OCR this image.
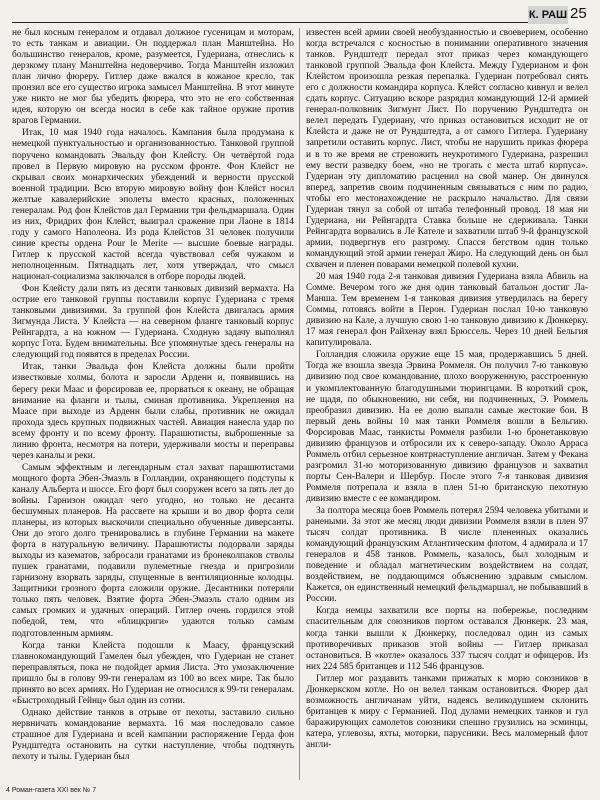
К. РАШ 25

не был косным генералом и отдавал должное гусеницам и моторам, то есть танкам и авиации. Он поддержал план Манштейна. Но большинство генералов, кроме, разумеется, Гудериана, отнеслись к дерзкому плану Манштейна недоверчиво. Тогда Манштейн изложил план лично фюреру. Гитлер даже вжался в кожаное кресло, так пронзил все его существо игрока замысел Манштейна. В этот минуте уже никто не мог бы убедить фюрера, что это не его собственная идея, которую он всегда носил в себе как тайное оружие против врагов Германии.

Итак, 10 мая 1940 года началось. Кампания была продумана к немецкой пунктуальностью и организованностью. Танковой группой поручено командовать Эвальду фон Клейсту. Он четвёртой года провел в Первую мировую на русском фронте. Фон Клейст не скрывал своих монархических убеждений и верности прусской военной традиции. Всю вторую мировую войну фон Клейст носил желтые кавалерийские эполеты вместо красных, положенных генералам. Род фон Клейстов дал Германии три фельдмаршала. Один из них, Фридрих фон Клейст, выиграл сражение при Лаоне в 1814 году у самого Наполеона. Из рода Клейстов 31 человек получили синие кресты ордена Pour le Merite — высшие боевые награды. Гитлер к прусской кастой всегда чувствовал себя чужаком и неполноценным. Пятнадцать лет, хотя утверждал, что смысл национал-социализма заключался в отборе породы людей.

Фон Клейсту дали пять из десяти танковых дивизий вермахта. На острие его танковой группы поставили корпус Гудериана с тремя танковыми дивизиями. За группой фон Клейста двигалась армия Зигмунда Листа. У Клейста — на северном фланге танковый корпус Рейнгардта, а на южном — Гудериана. Сходную задачу выполнял корпус Гота. Будем внимательны. Все упомянутые здесь генералы на следующий год появятся в пределах России.

Итак, танки Эвальда фон Клейста должны были пройти известковые холмы, болота и заросли Арденн и, появившись на берегу реки Маас и форсировав ее, прорваться к океану, не обращая внимание на фланги и тылы, сминая противника. Укрепления на Маасе при выходе из Арденн были слабы, противник не ожидал прохода здесь крупных подвижных частей. Авиация нанесла удар по всему фронту и по всему фронту. Парашютисты, выброшенные за линию фронта, несмотря на потери, удерживали мосты и переправы через каналы и реки.

Самым эффектным и легендарным стал захват парашютистами мощного форта Эбен-Эмаэль в Голландии, охраняющего подступы к каналу Альберта и шоссе. Его форт был сооружен всего за пять лет до войны. Гарнизон ожидал чего угодно, но только не десанта бесшумных планеров. На рассвете на крыши и во двор форта сели планеры, из которых выскочили специально обученные диверсанты. Они до этого долго тренировались в глубине Германии на макете форта в натуральную величину. Парашютисты подорвали заряды выходы из казематов, забросали гранатами из бронеколпаков стволы пушек гранатами, подавили пулеметные гнезда и пригрозили гарнизону взорвать заряды, спущенные в вентиляционные колодцы. Защитники грозного форта сложили оружие. Десантники потеряли только пять человек. Взятие форта Эбен-Эмаэль стало одним из самых громких и удачных операций. Гитлер очень гордился этой победой, тем, что «блицкриги» удаются только самым подготовленным армиям.

Когда танки Клейста подошли к Маасу, французский главнокомандующий Гамелен был убежден, что Гудериан не станет переправляться, пока не подойдет армия Листа. Это умозаключение пришло бы в голову 99-ти генералам из 100 во всех мире. Так было принято во всех армиях. Но Гудериан не относился к 99-ти генералам. «Быстроходный Гейнц» был один из сотни.

Однако действие танков в отрыве от пехоты, заставило сильно нервничать командование вермахта. 16 мая последовало самое страшное для Гудериана и всей кампании распоряжение Герда фон Рундштедта остановить на сутки наступление, чтобы подтянуть пехоту и тылы. Гудериан был

известен всей армии своей необузданностью и своеверием, особенно когда встречался с косностью в понимании оперативного значения танков. Рундштедт передал этот приказ через командующего танковой группой Эвальда фон Клейста. Между Гудерианом и фон Клейстом произошла резкая перепалка. Гудериан потребовал снять его с должности командира корпуса. Клейст согласно кивнул и велел сдать корпус. Ситуацию вскоре разрядил командующий 12-й армией генерал-полковник Зигмунт Лист. По поручению Рундштедта он велел передать Гудериану, что приказ остановиться исходит не от Клейста и даже не от Рундштедта, а от самого Гитлера. Гудериану запретили оставить корпус. Лист, чтобы не нарушить приказ фюрера и в то же время не стреножить неукротимого Гудериана, разрешил ему вести разведку боем, «но не трогать с места штаб корпуса». Гудериан эту дипломатию расценил на свой манер. Он двинулся вперед, запретив своим подчиненным связываться с ним по радио, чтобы его местонахождение не раскрыло начальство. Для связи Гудериан тянул за собой от штаба телефонный провод. 18 мая ни Гудериана, ни Рейнгардта Ставка больше не сдерживала. Танки Рейнгардта ворвались в Ле Кателе и захватили штаб 9-й французской армии, подвергнув его разгрому. Спасся бегством один только командующий этой армии генерал Жиро. На следующий день он был схвачен и пленен поварами немецкой полевой кухни.

20 мая 1940 года 2-я танковая дивизия Гудериана взяла Абвиль на Сомме. Вечером того же дня один танковый батальон достиг Ла-Манша. Тем временем 1-я танковая дивизия утвердилась на берегу Соммы, готовясь войти в Перон. Гудериан послал 10-ю танковую дивизию на Кале, а лучшую свою 1-ю танковую дивизию к Дюнкерку. 17 мая генерал фон Райхенау взял Брюссель. Через 10 дней Бельгия капитулировала.

Голландия сложила оружие еще 15 мая, продержавшись 5 дней. Тогда же взошла звезда Эрвина Роммеля. Он получил 7-ю танковую дивизию под свое командование, плохо вооруженную, расстроенную и укомплектованную благодушными тюрингцами. В короткий срок, не щадя, по обыкновению, ни себя, ни подчиненных, Э. Роммель преобразил дивизию. На ее долю выпали самые жестокие бои. В первый день войны 10 мая танки Роммеля вошли в Бельгию. Форсировав Маас, танкисты Роммеля разбили 1-ю бронетанковую дивизию французов и отбросили их к северо-западу. Около Арраса Роммель отбил серьезное контрнаступление англичан. Затем у Фекана разгромил 31-ю моторизованную дивизию французов и захватил порты Сен-Валери и Шербур. После этого 7-я танковая дивизия Роммеля потрепала и взяла в плен 51-ю британскую пехотную дивизию вместе с ее командиром.

За полтора месяца боев Роммель потерял 2594 человека убитыми и ранеными. За этот же месяц люди дивизии Роммеля взяли в плен 97 тысяч солдат противника. В числе плененных оказались командующий французским Атлантическим флотом, 4 адмирала и 17 генералов и 458 танков. Роммель, казалось, был холодным и поведение и обладал магнетическим воздействием на солдат, воздействием, не поддающимся объяснению здравым смыслом. Кажется, он единственный немецкий фельдмаршал, не побывавший в России.

Когда немцы захватили все порты на побережье, последним спасительным для союзников портом оставался Дюнкерк. 23 мая, когда танки вышли к Дюнкерку, последовал один из самых противоречивых приказов этой войны — Гитлер приказал остановиться. В «котле» оказалось 337 тысяч солдат и офицеров. Из них 224 585 британцев и 112 546 французов.

Гитлер мог раздавить танками прижатых к морю союзников в Дюнкеркском котле. Но он велел танкам остановиться. Фюрер дал возможность англичанам уйти, надеясь великодушием склонить британцев к миру с Германией. Под дулами немецких танков и гул баражирующих самолетов союзники спешно грузились на эсминцы, катера, углевозы, яхты, моторки, парусники. Весь маломерный флот англи-

4 Роман-газета XXI век № 7
